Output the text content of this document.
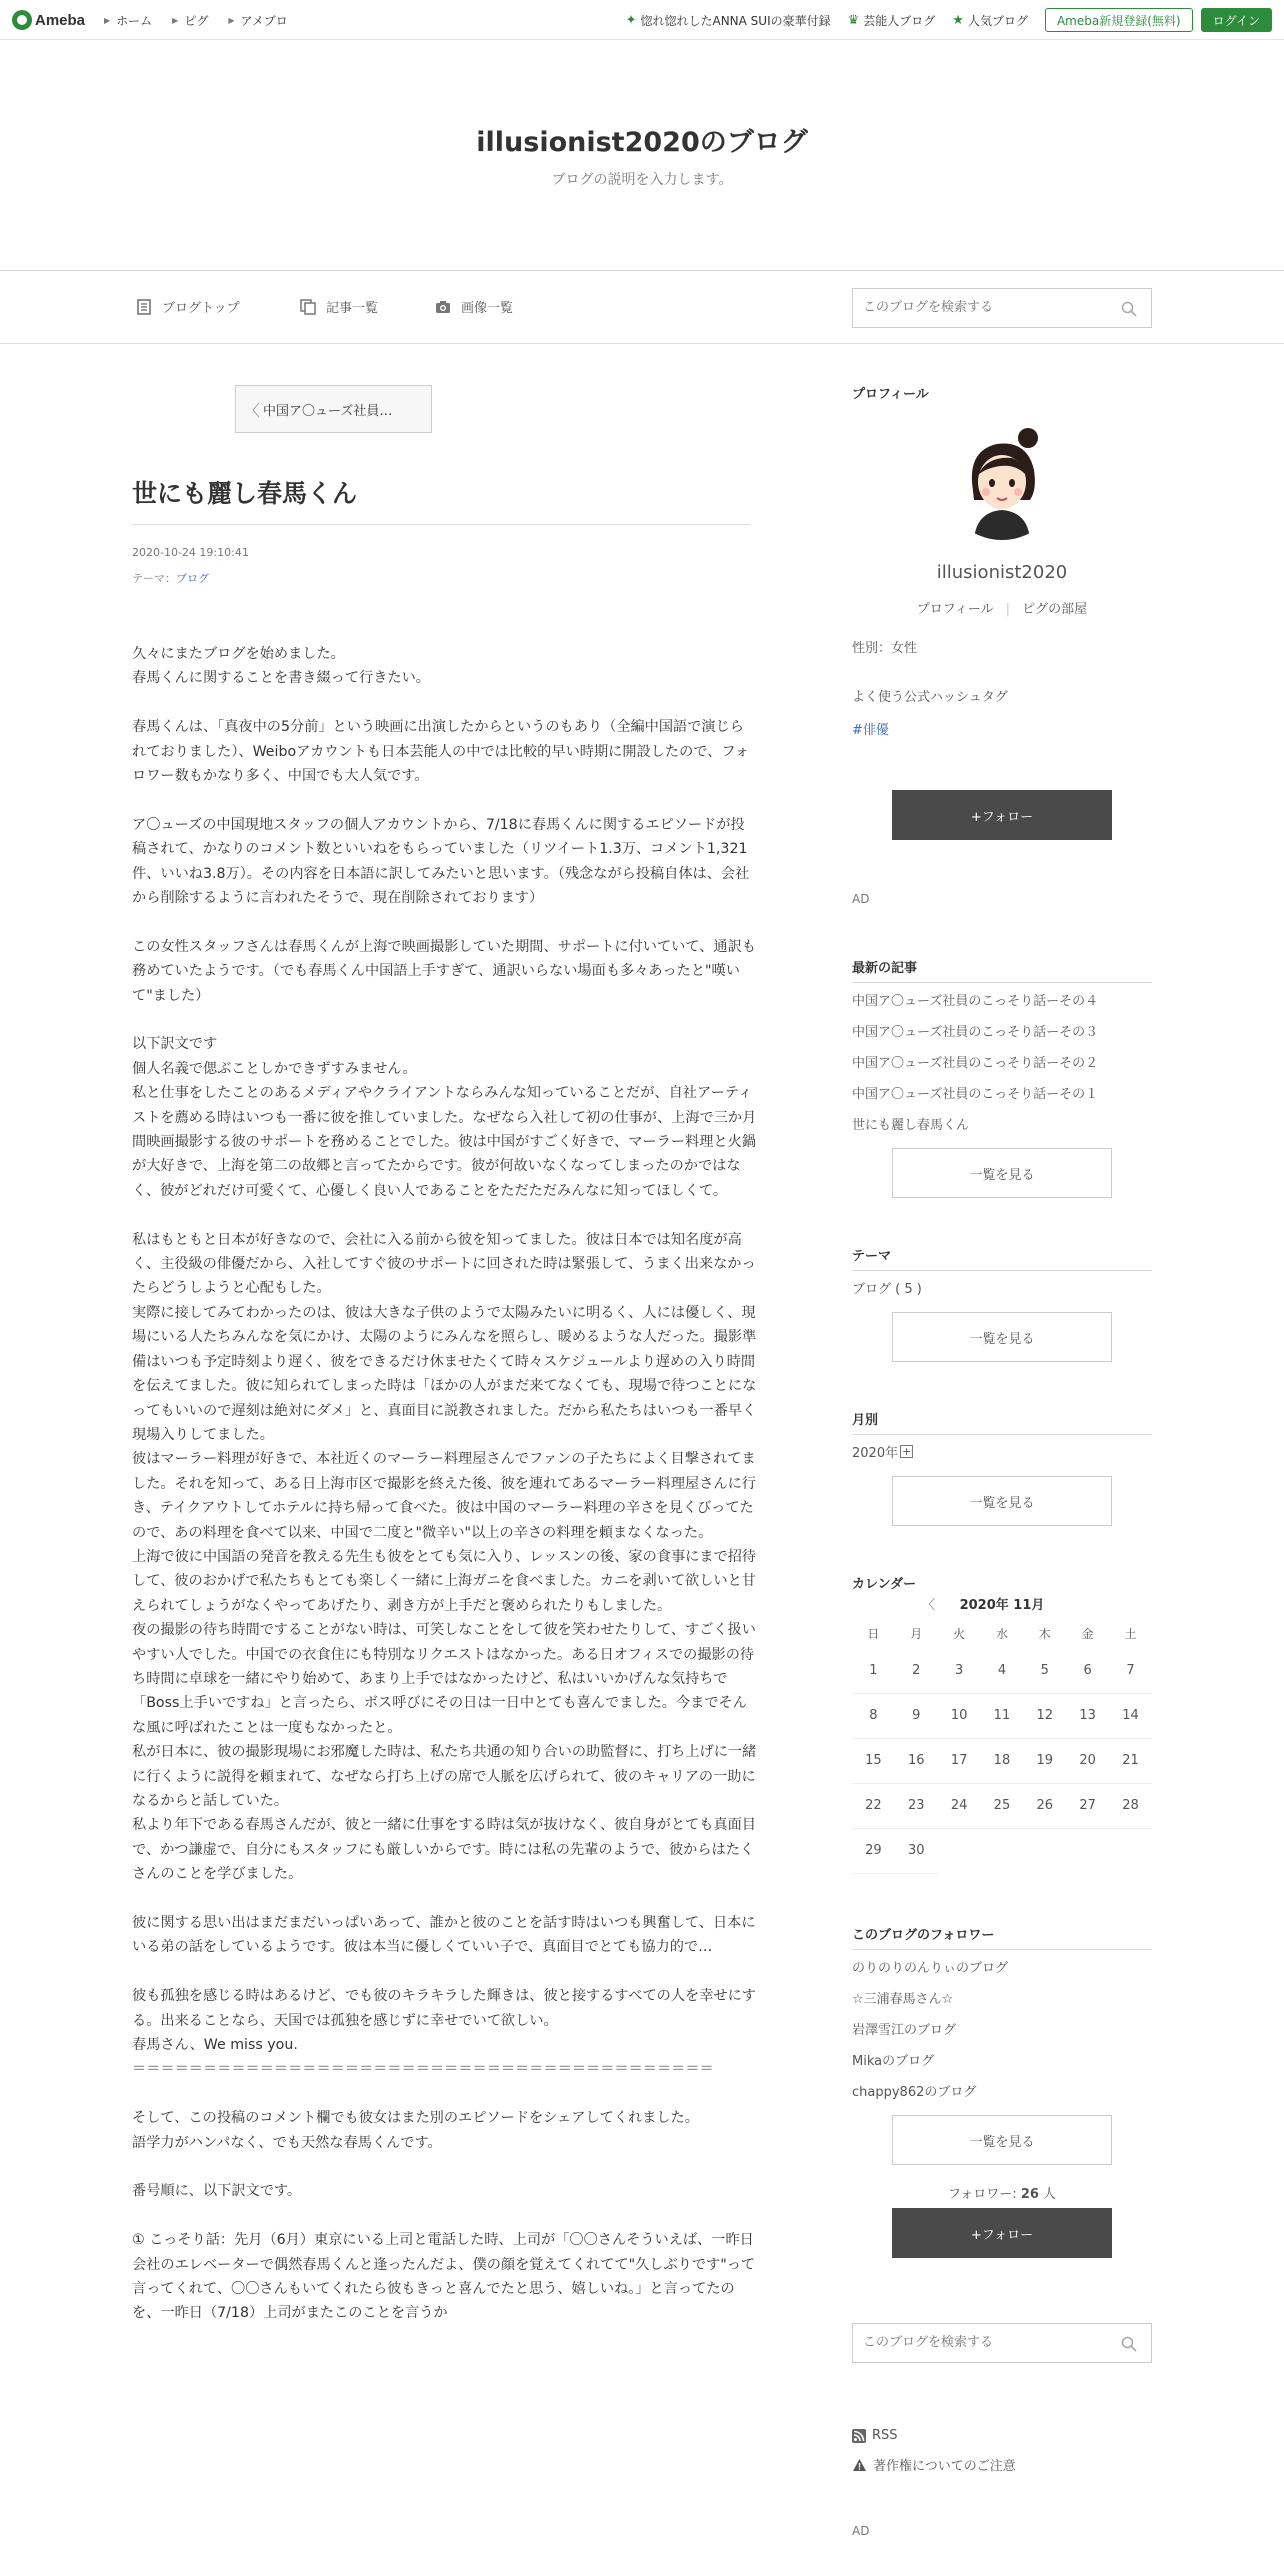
Ameba ▶ ホーム	▶ ピグ	▶ アメブロ	✦ 惚れ惚れしたANNA SUIの豪華付録 ♛ 芸能人ブログ ★ 人気ブログ	Ameba新規登録(無料)	ログイン
illusionist2020のブログ
ブログの説明を入力します。
ブログトップ	記事一覧	画像一覧
このブログを検索する
〈 中国ア〇ューズ社員…
世にも麗し春馬くん
2020-10-24 19:10:41
テーマ：ブログ

久々にまたブログを始めました。
春馬くんに関することを書き綴って行きたい。

春馬くんは、「真夜中の5分前」という映画に出演したからというのもあり（全編中国語で演じられておりました）、Weiboアカウントも日本芸能人の中では比較的早い時期に開設したので、フォロワー数もかなり多く、中国でも大人気です。

ア〇ューズの中国現地スタッフの個人アカウントから、7/18に春馬くんに関するエピソードが投稿されて、かなりのコメント数といいねをもらっていました（リツイート1.3万、コメント1,321件、いいね3.8万）。その内容を日本語に訳してみたいと思います。（残念ながら投稿自体は、会社から削除するように言われたそうで、現在削除されております）

この女性スタッフさんは春馬くんが上海で映画撮影していた期間、サポートに付いていて、通訳も務めていたようです。（でも春馬くん中国語上手すぎて、通訳いらない場面も多々あったと"嘆いて"ました）

以下訳文です
個人名義で偲ぶことしかできずすみません。
私と仕事をしたことのあるメディアやクライアントならみんな知っていることだが、自社アーティストを薦める時はいつも一番に彼を推していました。なぜなら入社して初の仕事が、上海で三か月間映画撮影する彼のサポートを務めることでした。彼は中国がすごく好きで、マーラー料理と火鍋が大好きで、上海を第二の故郷と言ってたからです。彼が何故いなくなってしまったのかではなく、彼がどれだけ可愛くて、心優しく良い人であることをただただみんなに知ってほしくて。

私はもともと日本が好きなので、会社に入る前から彼を知ってました。彼は日本では知名度が高く、主役級の俳優だから、入社してすぐ彼のサポートに回された時は緊張して、うまく出来なかったらどうしようと心配もした。
実際に接してみてわかったのは、彼は大きな子供のようで太陽みたいに明るく、人には優しく、現場にいる人たちみんなを気にかけ、太陽のようにみんなを照らし、暖めるような人だった。撮影準備はいつも予定時刻より遅く、彼をできるだけ休ませたくて時々スケジュールより遅めの入り時間を伝えてました。彼に知られてしまった時は「ほかの人がまだ来てなくても、現場で待つことになってもいいので遅刻は絶対にダメ」と、真面目に説教されました。だから私たちはいつも一番早く現場入りしてました。
彼はマーラー料理が好きで、本社近くのマーラー料理屋さんでファンの子たちによく目撃されてました。それを知って、ある日上海市区で撮影を終えた後、彼を連れてあるマーラー料理屋さんに行き、テイクアウトしてホテルに持ち帰って食べた。彼は中国のマーラー料理の辛さを見くびってたので、あの料理を食べて以来、中国で二度と"微辛い"以上の辛さの料理を頼まなくなった。
上海で彼に中国語の発音を教える先生も彼をとても気に入り、レッスンの後、家の食事にまで招待して、彼のおかげで私たちもとても楽しく一緒に上海ガニを食べました。カニを剥いて欲しいと甘えられてしょうがなくやってあげたり、剥き方が上手だと褒められたりもしました。
夜の撮影の待ち時間ですることがない時は、可笑しなことをして彼を笑わせたりして、すごく扱いやすい人でした。中国での衣食住にも特別なリクエストはなかった。ある日オフィスでの撮影の待ち時間に卓球を一緒にやり始めて、あまり上手ではなかったけど、私はいいかげんな気持ちで「Boss上手いですね」と言ったら、ボス呼びにその日は一日中とても喜んでました。今までそんな風に呼ばれたことは一度もなかったと。
私が日本に、彼の撮影現場にお邪魔した時は、私たち共通の知り合いの助監督に、打ち上げに一緒に行くように説得を頼まれて、なぜなら打ち上げの席で人脈を広げられて、彼のキャリアの一助になるからと話していた。
私より年下である春馬さんだが、彼と一緒に仕事をする時は気が抜けなく、彼自身がとても真面目で、かつ謙虚で、自分にもスタッフにも厳しいからです。時には私の先輩のようで、彼からはたくさんのことを学びました。

彼に関する思い出はまだまだいっぱいあって、誰かと彼のことを話す時はいつも興奮して、日本にいる弟の話をしているようです。彼は本当に優しくていい子で、真面目でとても協力的で…

彼も孤独を感じる時はあるけど、でも彼のキラキラした輝きは、彼と接するすべての人を幸せにする。出来ることなら、天国では孤独を感じずに幸せでいて欲しい。
春馬さん、We miss you.
＝＝＝＝＝＝＝＝＝＝＝＝＝＝＝＝＝＝＝＝＝＝＝＝＝＝＝＝＝＝＝＝＝＝＝＝＝＝＝＝＝

そして、この投稿のコメント欄でも彼女はまた別のエピソードをシェアしてくれました。
語学力がハンパなく、でも天然な春馬くんです。

番号順に、以下訳文です。

① こっそり話：先月（6月）東京にいる上司と電話した時、上司が「〇〇さんそういえば、一昨日会社のエレベーターで偶然春馬くんと逢ったんだよ、僕の顔を覚えてくれてて"久しぶりです"って言ってくれて、〇〇さんもいてくれたら彼もきっと喜んでたと思う、嬉しいね。」と言ってたのを、一昨日（7/18）上司がまたこのことを言うか

プロフィール
illusionist2020
プロフィール | ピグの部屋
性別：女性
よく使う公式ハッシュタグ
#俳優
+フォロー
AD
最新の記事
中国ア〇ューズ社員のこっそり話ーその４
中国ア〇ューズ社員のこっそり話ーその３
中国ア〇ューズ社員のこっそり話ーその２
中国ア〇ューズ社員のこっそり話ーその１
世にも麗し春馬くん
一覧を見る
テーマ
ブログ ( 5 )
一覧を見る
月別
2020年 +
一覧を見る
カレンダー
〈 2020年 11月
日	月	火	水	木	金	土
1	2	3	4	5	6	7
8	9	10	11	12	13	14
15	16	17	18	19	20	21
22	23	24	25	26	27	28
29	30					
このブログのフォロワー
のりのりのんりぃのブログ
☆三浦春馬さん☆
岩澤雪江のブログ
Mikaのブログ
chappy862のブログ
一覧を見る
フォロワー: 26 人
+フォロー
このブログを検索する
RSS
著作権についてのご注意
AD
